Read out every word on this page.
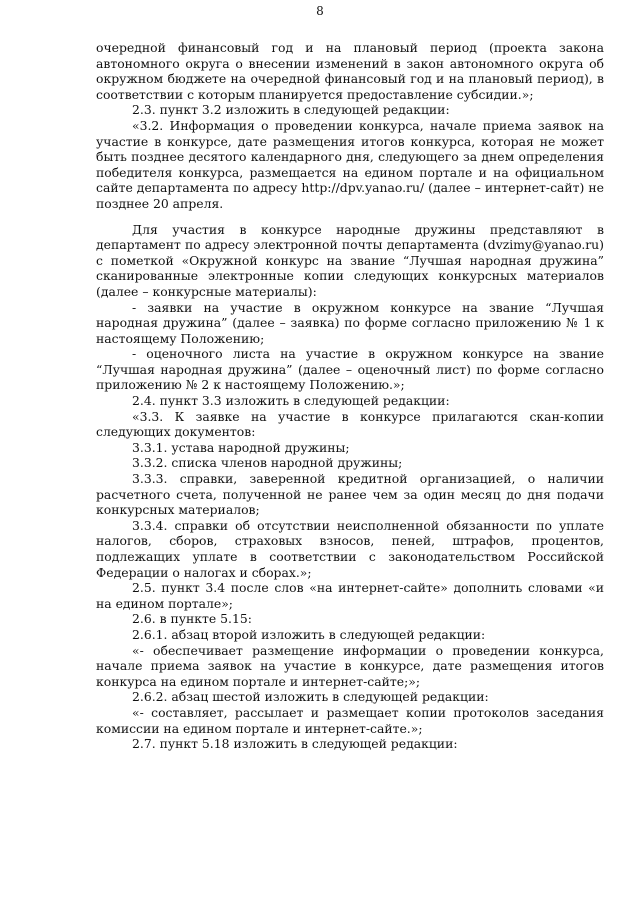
8

очередной финансовый год и на плановый период (проекта закона автономного округа о внесении изменений в закон автономного округа об окружном бюджете на очередной финансовый год и на плановый период), в соответствии с которым планируется предоставление субсидии.»;

2.3. пункт 3.2 изложить в следующей редакции:

«3.2. Информация о проведении конкурса, начале приема заявок на участие в конкурсе, дате размещения итогов конкурса, которая не может быть позднее десятого календарного дня, следующего за днем определения победителя конкурса, размещается на едином портале и на официальном сайте департамента по адресу http://dpv.yanao.ru/ (далее – интернет-сайт) не позднее 20 апреля.

Для участия в конкурсе народные дружины представляют в департамент по адресу электронной почты департамента (dvzimy@yanao.ru) с пометкой «Окружной конкурс на звание “Лучшая народная дружина” сканированные электронные копии следующих конкурсных материалов (далее – конкурсные материалы):

- заявки на участие в окружном конкурсе на звание “Лучшая народная дружина” (далее – заявка) по форме согласно приложению № 1 к настоящему Положению;

- оценочного листа на участие в окружном конкурсе на звание “Лучшая народная дружина” (далее – оценочный лист) по форме согласно приложению № 2 к настоящему Положению.»;

2.4. пункт 3.3 изложить в следующей редакции:

«3.3. К заявке на участие в конкурсе прилагаются скан-копии следующих документов:

3.3.1. устава народной дружины;

3.3.2. списка членов народной дружины;

3.3.3. справки, заверенной кредитной организацией, о наличии расчетного счета, полученной не ранее чем за один месяц до дня подачи конкурсных материалов;

3.3.4. справки об отсутствии неисполненной обязанности по уплате налогов, сборов, страховых взносов, пеней, штрафов, процентов, подлежащих уплате в соответствии с законодательством Российской Федерации о налогах и сборах.»;

2.5. пункт 3.4 после слов «на интернет-сайте» дополнить словами «и на едином портале»;

2.6. в пункте 5.15:

2.6.1. абзац второй изложить в следующей редакции:

«- обеспечивает размещение информации о проведении конкурса, начале приема заявок на участие в конкурсе, дате размещения итогов конкурса на едином портале и интернет-сайте;»;

2.6.2. абзац шестой изложить в следующей редакции:

«- составляет, рассылает и размещает копии протоколов заседания комиссии на едином портале и интернет-сайте.»;

2.7. пункт 5.18 изложить в следующей редакции:
